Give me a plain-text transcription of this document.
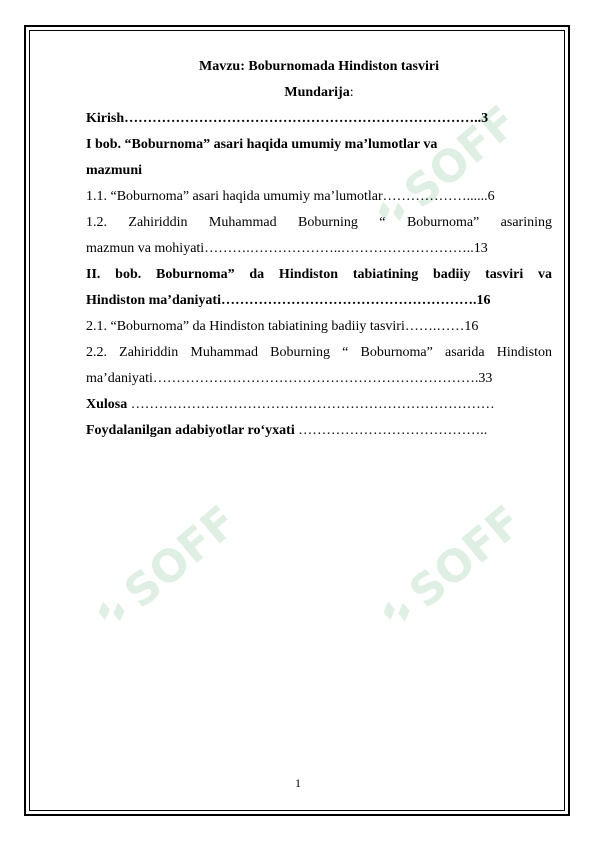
SOFF
SOFF	SOFF
Mavzu: Boburnomada Hindiston tasviri
Mundarija:
Kirish…………………………………………………………………..3
I bob. “Boburnoma” asari haqida umumiy ma’lumotlar va
mazmuni
1.1. “Boburnoma” asari haqida umumiy ma’lumotlar………………......6
1.2. Zahiriddin Muhammad Boburning “ Boburnoma” asarining
mazmun va mohiyati……….………………..………………………..13
II. bob. Boburnoma” da Hindiston tabiatining badiiy tasviri va
Hindiston ma’daniyati……………………………………………….16
2.1. “Boburnoma” da Hindiston tabiatining badiiy tasviri…….……16
2.2. Zahiriddin Muhammad Boburning “ Boburnoma” asarida Hindiston
ma’daniyati…………………………………………………………….33
Xulosa ……………………………………………………………………
Foydalanilgan adabiyotlar ro‘yxati …………………………………..
1
